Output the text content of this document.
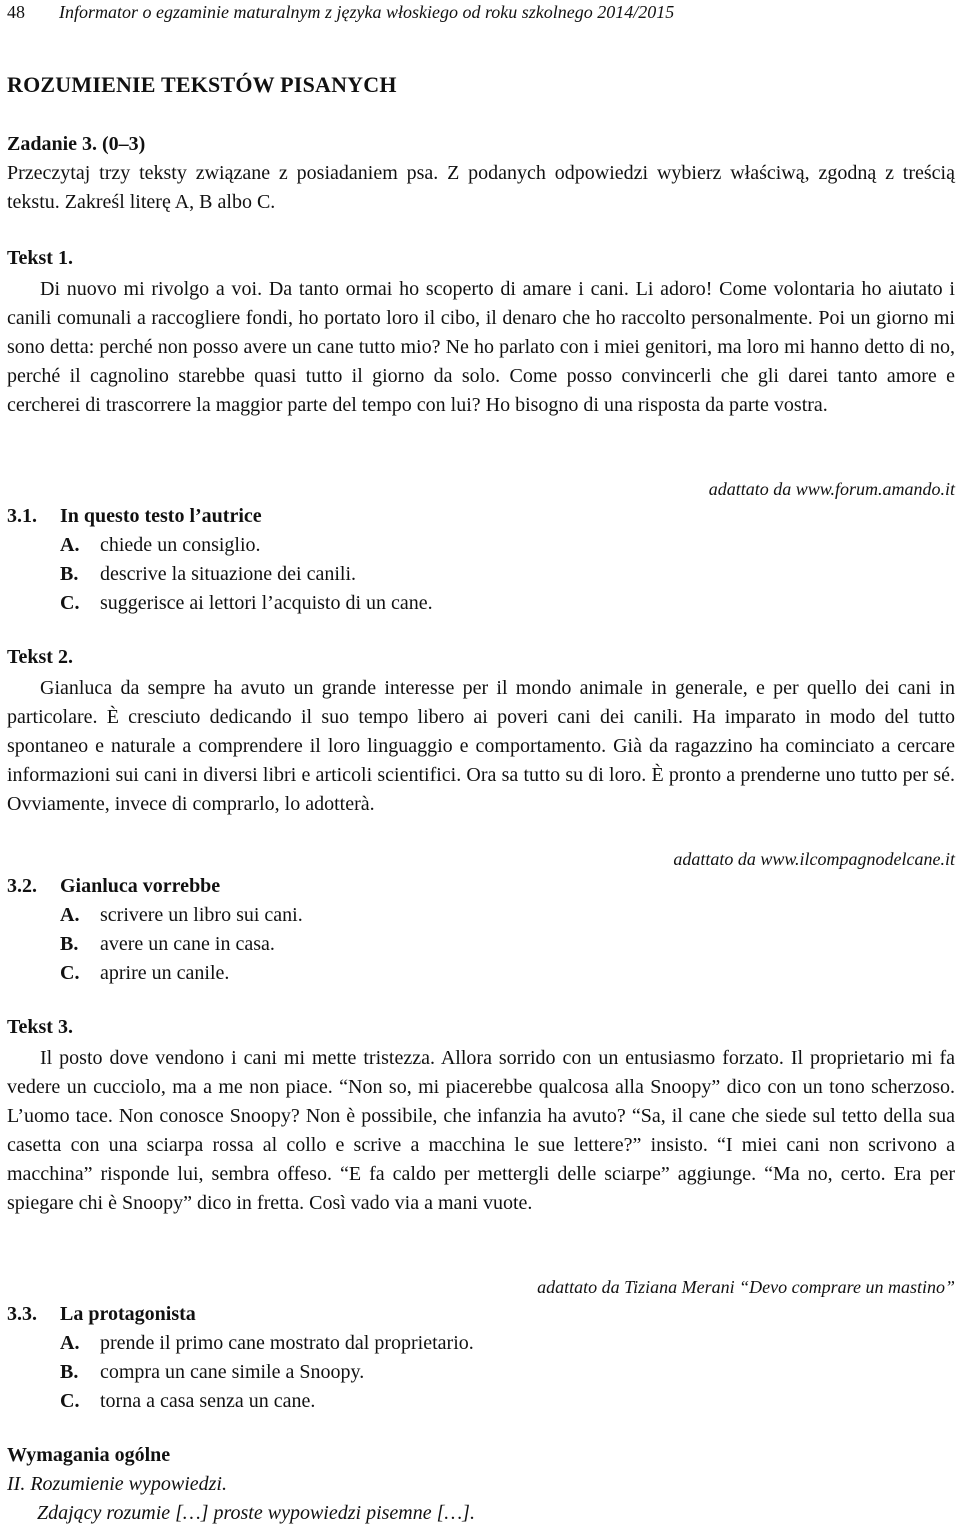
48 Informator o egzaminie maturalnym z języka włoskiego od roku szkolnego 2014/2015
ROZUMIENIE TEKSTÓW PISANYCH
Zadanie 3. (0–3)
Przeczytaj trzy teksty związane z posiadaniem psa. Z podanych odpowiedzi wybierz właściwą, zgodną z treścią tekstu. Zakreśl literę A, B albo C.
Tekst 1.
Di nuovo mi rivolgo a voi. Da tanto ormai ho scoperto di amare i cani. Li adoro! Come volontaria ho aiutato i canili comunali a raccogliere fondi, ho portato loro il cibo, il denaro che ho raccolto personalmente. Poi un giorno mi sono detta: perché non posso avere un cane tutto mio? Ne ho parlato con i miei genitori, ma loro mi hanno detto di no, perché il cagnolino starebbe quasi tutto il giorno da solo. Come posso convincerli che gli darei tanto amore e cercherei di trascorrere la maggior parte del tempo con lui? Ho bisogno di una risposta da parte vostra.
adattato da www.forum.amando.it
3.1. In questo testo l’autrice
A. chiede un consiglio.
B. descrive la situazione dei canili.
C. suggerisce ai lettori l’acquisto di un cane.
Tekst 2.
Gianluca da sempre ha avuto un grande interesse per il mondo animale in generale, e per quello dei cani in particolare. È cresciuto dedicando il suo tempo libero ai poveri cani dei canili. Ha imparato in modo del tutto spontaneo e naturale a comprendere il loro linguaggio e comportamento. Già da ragazzino ha cominciato a cercare informazioni sui cani in diversi libri e articoli scientifici. Ora sa tutto su di loro. È pronto a prenderne uno tutto per sé. Ovviamente, invece di comprarlo, lo adotterà.
adattato da www.ilcompagnodelcane.it
3.2. Gianluca vorrebbe
A. scrivere un libro sui cani.
B. avere un cane in casa.
C. aprire un canile.
Tekst 3.
Il posto dove vendono i cani mi mette tristezza. Allora sorrido con un entusiasmo forzato. Il proprietario mi fa vedere un cucciolo, ma a me non piace. “Non so, mi piacerebbe qualcosa alla Snoopy” dico con un tono scherzoso. L’uomo tace. Non conosce Snoopy? Non è possibile, che infanzia ha avuto? “Sa, il cane che siede sul tetto della sua casetta con una sciarpa rossa al collo e scrive a macchina le sue lettere?” insisto. “I miei cani non scrivono a macchina” risponde lui, sembra offeso. “E fa caldo per mettergli delle sciarpe” aggiunge. “Ma no, certo. Era per spiegare chi è Snoopy” dico in fretta. Così vado via a mani vuote.
adattato da Tiziana Merani “Devo comprare un mastino”
3.3. La protagonista
A. prende il primo cane mostrato dal proprietario.
B. compra un cane simile a Snoopy.
C. torna a casa senza un cane.
Wymagania ogólne
II. Rozumienie wypowiedzi.
Zdający rozumie […] proste wypowiedzi pisemne […].
